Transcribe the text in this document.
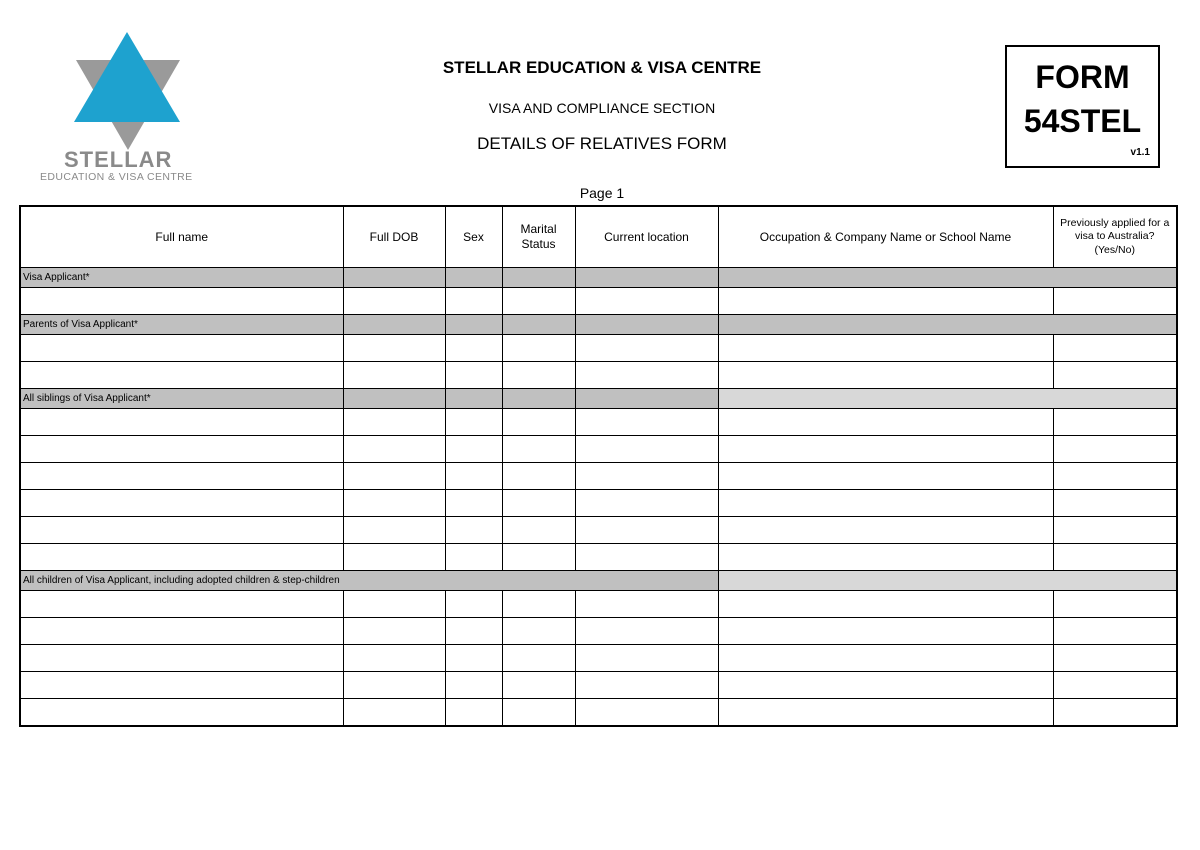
STELLAR
EDUCATION & VISA CENTRE
STELLAR EDUCATION & VISA CENTRE
VISA AND COMPLIANCE SECTION
DETAILS OF RELATIVES FORM
Page 1
FORM
54STEL
v1.1
Full name	Full DOB	Sex	Marital Status	Current location	Occupation & Company Name or School Name	Previously applied for a visa to Australia? (Yes/No)
Visa Applicant*						

Parents of Visa Applicant*						

All siblings of Visa Applicant*						

All children of Visa Applicant, including adopted children & step-children						
